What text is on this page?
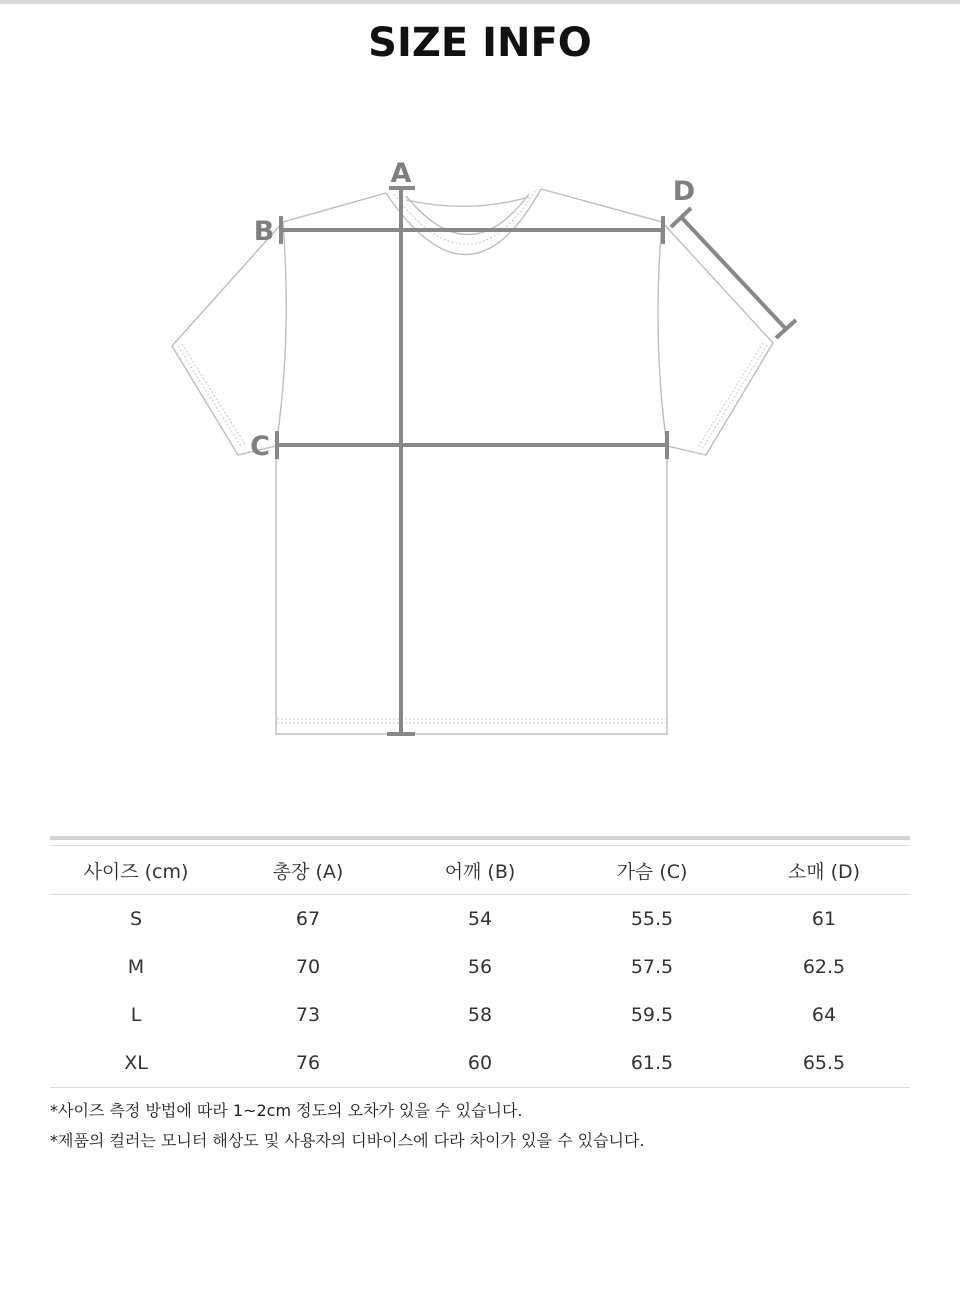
SIZE INFO
A
B
C
D
사이즈 (cm)	총장 (A)	어깨 (B)	가슴 (C)	소매 (D)
S	67	54	55.5	61
M	70	56	57.5	62.5
L	73	58	59.5	64
XL	76	60	61.5	65.5
*사이즈 측정 방법에 따라 1~2cm 정도의 오차가 있을 수 있습니다.
*제품의 컬러는 모니터 해상도 및 사용자의 디바이스에 다라 차이가 있을 수 있습니다.
